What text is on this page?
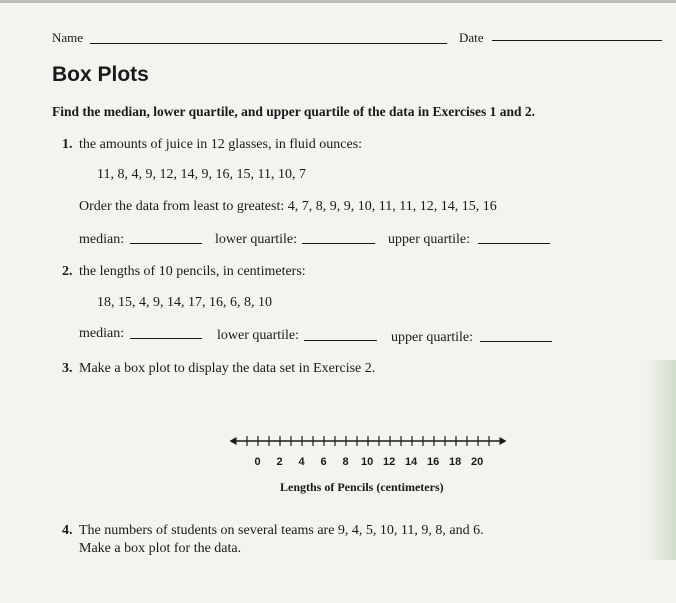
Name	Date
Box Plots
Find the median, lower quartile, and upper quartile of the data in Exercises 1 and 2.
1. the amounts of juice in 12 glasses, in fluid ounces:
11, 8, 4, 9, 12, 14, 9, 16, 15, 11, 10, 7
Order the data from least to greatest: 4, 7, 8, 9, 9, 10, 11, 11, 12, 14, 15, 16
median:	lower quartile:	upper quartile:
2. the lengths of 10 pencils, in centimeters:
18, 15, 4, 9, 14, 17, 16, 6, 8, 10
median:	lower quartile:	upper quartile:
3. Make a box plot to display the data set in Exercise 2.
0 2 4 6 8 10 12 14 16 18 20
Lengths of Pencils (centimeters)
4. The numbers of students on several teams are 9, 4, 5, 10, 11, 9, 8, and 6.
Make a box plot for the data.
